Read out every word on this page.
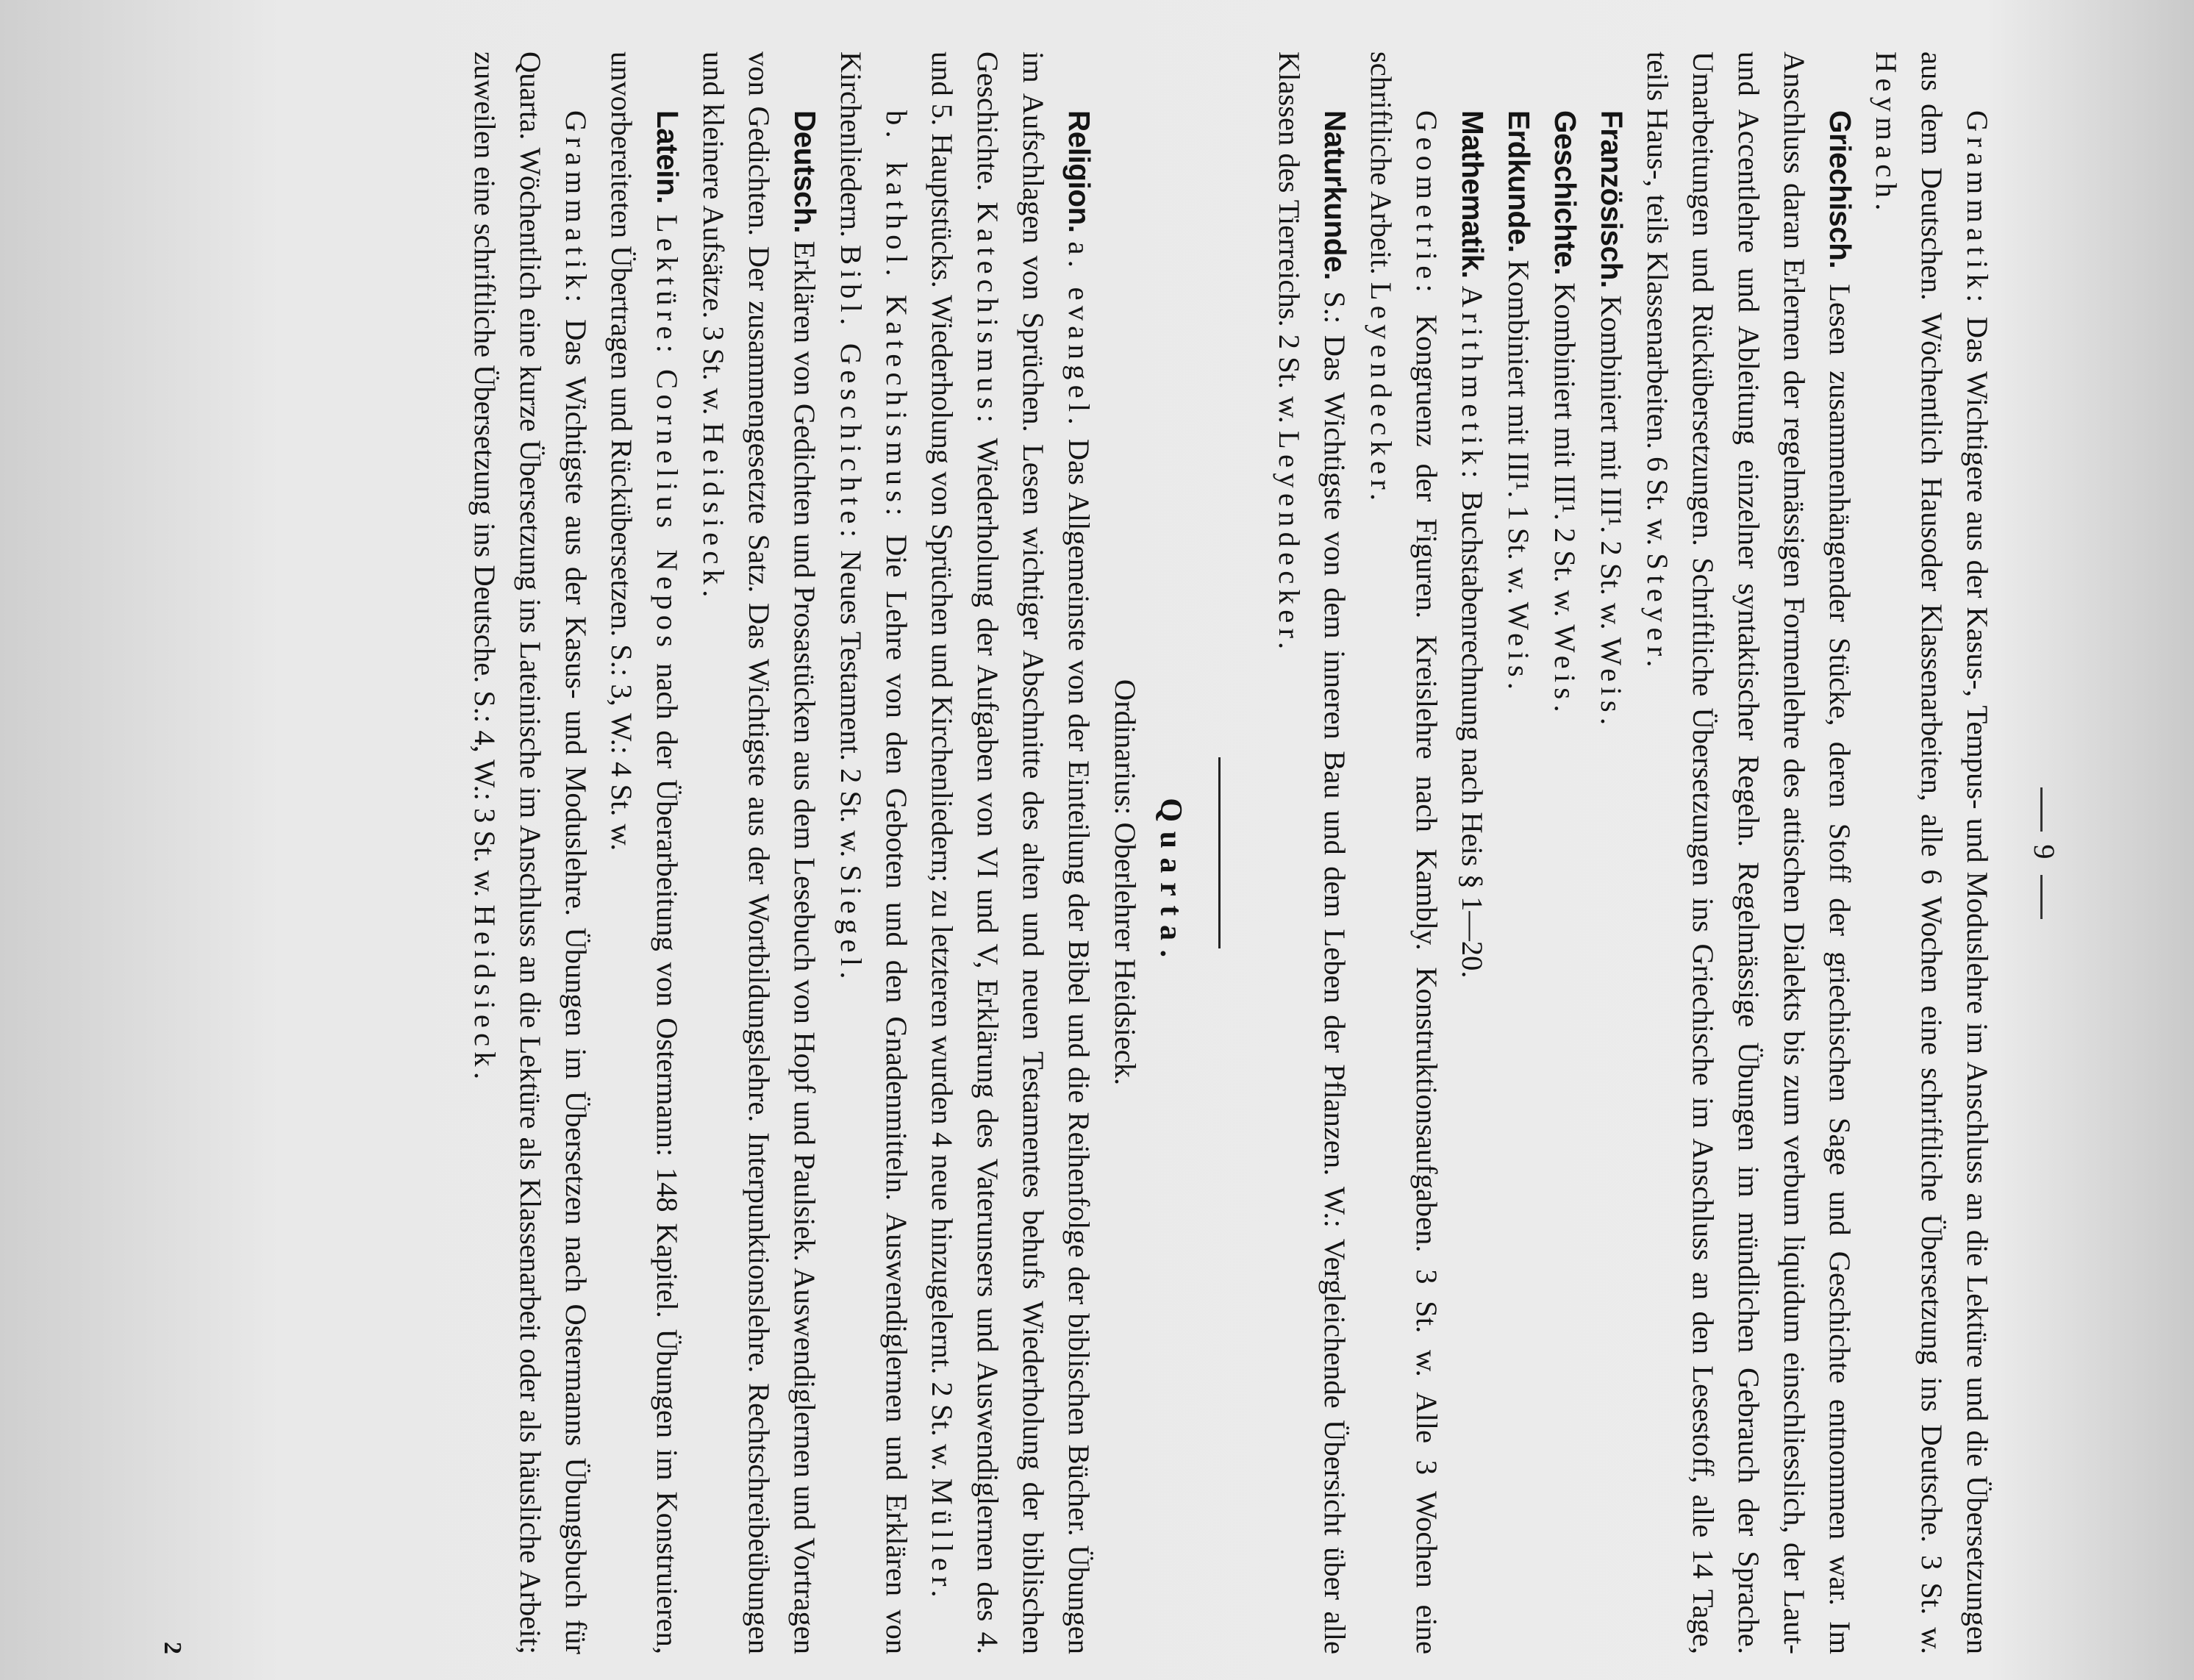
9

Grammatik: Das Wichtigere aus der Kasus-, Tempus- und Moduslehre im Anschluss an die Lektüre und die Übersetzungen aus dem Deutschen. Wöchentlich Hausoder Klassenarbeiten, alle 6 Wochen eine schriftliche Übersetzung ins Deutsche. 3 St. w. Heymach.

Griechisch. Lesen zusammenhängender Stücke, deren Stoff der griechischen Sage und Geschichte entnommen war. Im Anschluss daran Erlernen der regelmässigen Formenlehre des attischen Dialekts bis zum verbum liquidum einschliesslich, der Laut- und Accentlehre und Ableitung einzelner syntaktischer Regeln. Regelmässige Übungen im mündlichen Gebrauch der Sprache. Umarbeitungen und Rückübersetzungen. Schriftliche Übersetzungen ins Griechische im Anschluss an den Lesestoff, alle 14 Tage, teils Haus-, teils Klassenarbeiten. 6 St. w. Steyer.

Französisch. Kombiniert mit III¹. 2 St. w. Weis.

Geschichte. Kombiniert mit III¹. 2 St. w. Weis.

Erdkunde. Kombiniert mit III¹. 1 St. w. Weis.

Mathematik. Arithmetik: Buchstabenrechnung nach Heis § 1—20.

Geometrie: Kongruenz der Figuren. Kreislehre nach Kambly. Konstruktionsaufgaben. 3 St. w. Alle 3 Wochen eine schriftliche Arbeit. Leyendecker.

Naturkunde. S.: Das Wichtigste von dem inneren Bau und dem Leben der Pflanzen. W.: Vergleichende Übersicht über alle Klassen des Tierreichs. 2 St. w. Leyendecker.

Quarta.

Ordinarius: Oberlehrer Heidsieck.

Religion. a. evangel. Das Allgemeinste von der Einteilung der Bibel und die Reihenfolge der biblischen Bücher. Übungen im Aufschlagen von Sprüchen. Lesen wichtiger Abschnitte des alten und neuen Testamentes behufs Wiederholung der biblischen Geschichte. Katechismus: Wiederholung der Aufgaben von VI und V, Erklärung des Vaterunsers und Auswendiglernen des 4. und 5. Hauptstücks. Wiederholung von Sprüchen und Kirchenliedern; zu letzteren wurden 4 neue hinzugelernt. 2 St. w. Müller.

b. kathol. Katechismus: Die Lehre von den Geboten und den Gnadenmitteln. Auswendiglernen und Erklären von Kirchenliedern. Bibl. Geschichte: Neues Testament. 2 St. w. Siegel.

Deutsch. Erklären von Gedichten und Prosastücken aus dem Lesebuch von Hopf und Paulsiek. Auswendiglernen und Vortragen von Gedichten. Der zusammengesetzte Satz. Das Wichtigste aus der Wortbildungslehre. Interpunktionslehre. Rechtschreibeübungen und kleinere Aufsätze. 3 St. w. Heidsieck.

Latein. Lektüre: Cornelius Nepos nach der Überarbeitung von Ostermann: 148 Kapitel. Übungen im Konstruieren, unvorbereiteten Übertragen und Rückübersetzen. S.: 3, W.: 4 St. w.

Grammatik: Das Wichtigste aus der Kasus- und Moduslehre. Übungen im Übersetzen nach Ostermanns Übungsbuch für Quarta. Wöchentlich eine kurze Übersetzung ins Lateinische im Anschluss an die Lektüre als Klassenarbeit oder als häusliche Arbeit; zuweilen eine schriftliche Übersetzung ins Deutsche. S.: 4, W.: 3 St. w. Heidsieck.

2
